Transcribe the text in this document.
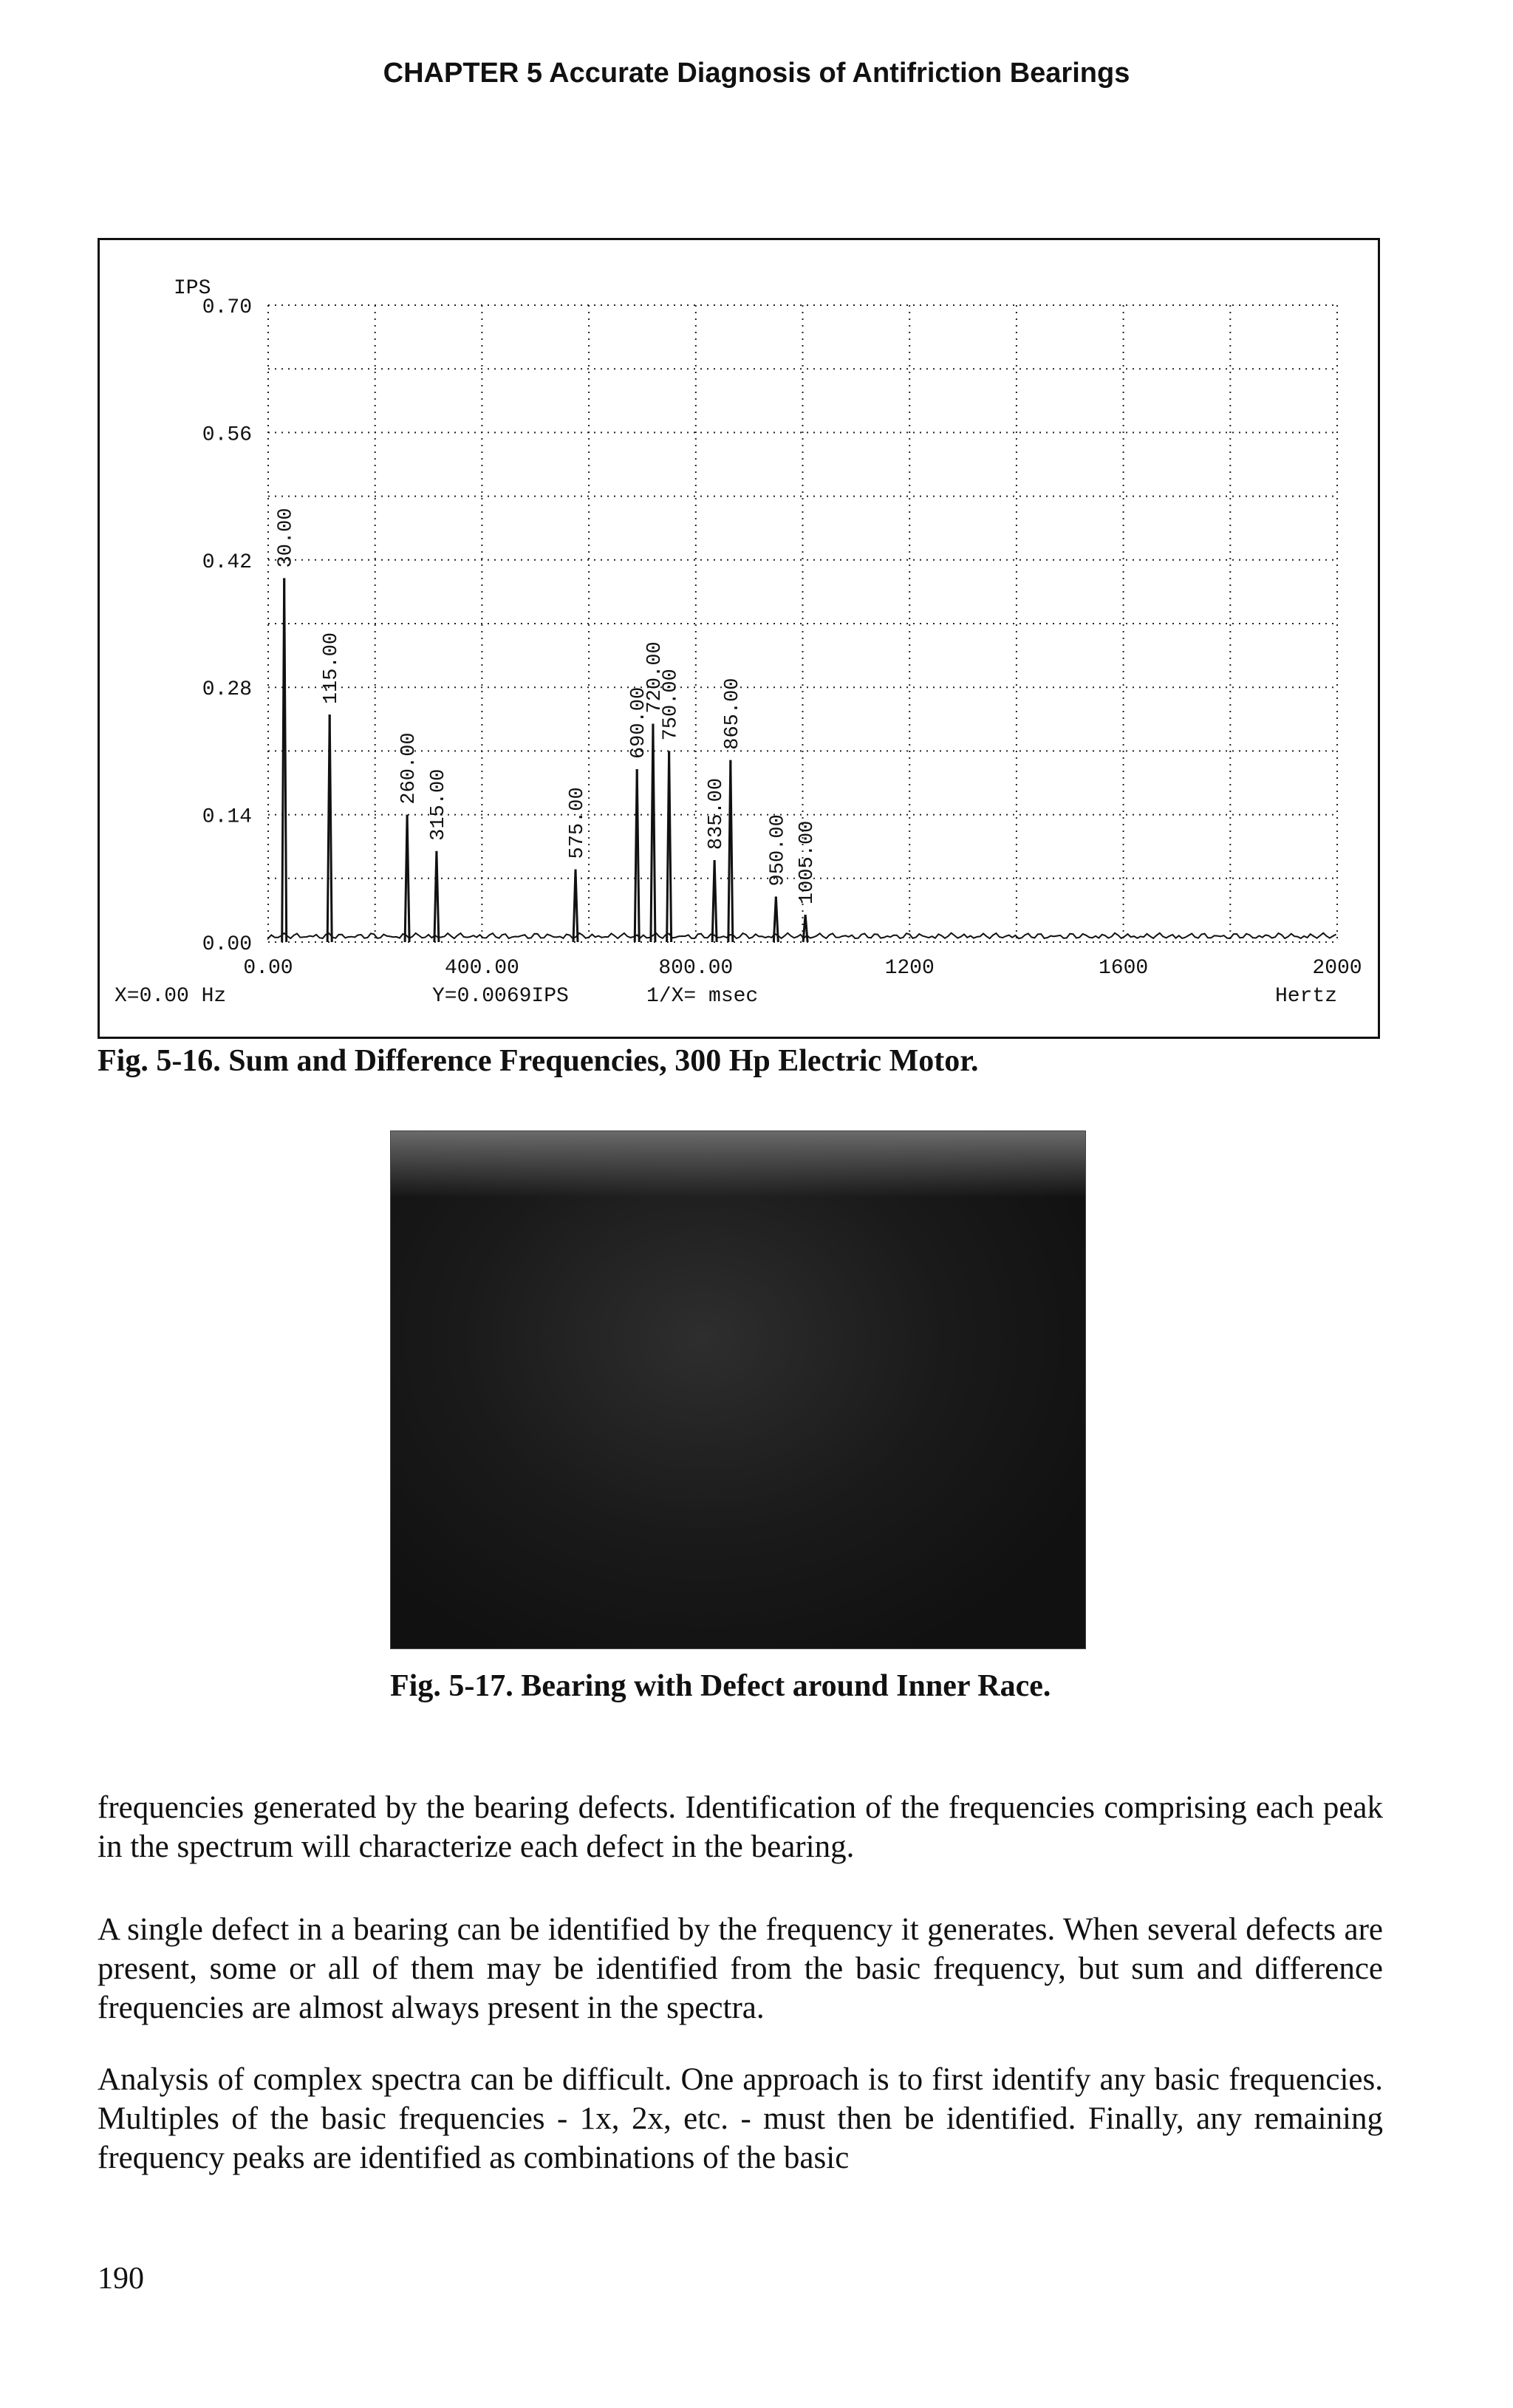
CHAPTER 5 Accurate Diagnosis of Antifriction Bearings
IPS
X=0.00 Hz	Y=0.0069IPS	1/X= msec	Hertz
0.70
0.56
0.42
0.28
0.14
0.00
0.00	400.00	800.00	1200	1600	2000
30.00
115.00
260.00
315.00	575.00
690.00
720.00
750.00
835.00
865.00
950.00 1005.00
Fig. 5-16. Sum and Difference Frequencies, 300 Hp Electric Motor.
Fig. 5-17. Bearing with Defect around Inner Race.
frequencies generated by the bearing defects. Identification of the frequencies comprising each peak in the spectrum will characterize each defect in the bearing.
A single defect in a bearing can be identified by the frequency it generates. When several defects are present, some or all of them may be identified from the basic frequency, but sum and difference frequencies are almost always present in the spectra.
Analysis of complex spectra can be difficult. One approach is to first identify any basic frequencies. Multiples of the basic frequencies - 1x, 2x, etc. - must then be identified. Finally, any remaining frequency peaks are identified as combinations of the basic
190
